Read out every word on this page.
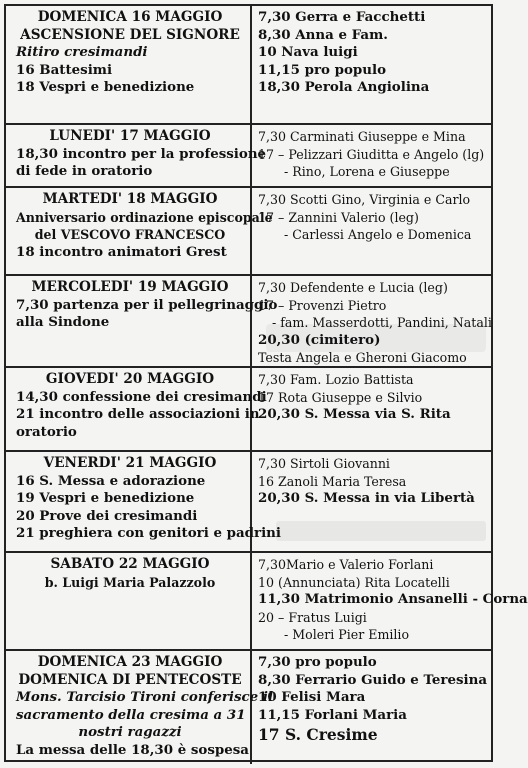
DOMENICA 16 MAGGIO
ASCENSIONE DEL SIGNORE
Ritiro cresimandi
16 Battesimi
18 Vespri e benedizione
7,30 Gerra e Facchetti
8,30 Anna e Fam.
10 Nava luigi
11,15 pro populo
18,30 Perola Angiolina
LUNEDI' 17 MAGGIO
18,30 incontro per la professione
di fede in oratorio
7,30 Carminati Giuseppe e Mina
17 – Pelizzari Giuditta e Angelo (lg)
- Rino, Lorena e Giuseppe
MARTEDI' 18 MAGGIO
Anniversario ordinazione episcopale
del VESCOVO FRANCESCO
18 incontro animatori Grest
7,30 Scotti Gino, Virginia e Carlo
17 – Zannini Valerio (leg)
- Carlessi Angelo e Domenica
MERCOLEDI' 19 MAGGIO
7,30 partenza per il pellegrinaggio
alla Sindone
7,30 Defendente e Lucia (leg)
17 – Provenzi Pietro
- fam. Masserdotti, Pandini, Natali
20,30 (cimitero)
Testa Angela e Gheroni Giacomo
GIOVEDI' 20 MAGGIO
14,30 confessione dei cresimandi
21 incontro delle associazioni in
oratorio
7,30 Fam. Lozio Battista
17 Rota Giuseppe e Silvio
20,30 S. Messa via S. Rita
VENERDI' 21 MAGGIO
16 S. Messa e adorazione
19 Vespri e benedizione
20 Prove dei cresimandi
21 preghiera con genitori e padrini
7,30 Sirtoli Giovanni
16 Zanoli Maria Teresa
20,30 S. Messa in via Libertà
SABATO 22 MAGGIO
b. Luigi Maria Palazzolo
7,30Mario e Valerio Forlani
10 (Annunciata) Rita Locatelli
11,30 Matrimonio Ansanelli - Corna
20 – Fratus Luigi
- Moleri Pier Emilio
DOMENICA 23 MAGGIO
DOMENICA DI PENTECOSTE
Mons. Tarcisio Tironi conferisce il
sacramento della cresima a 31
nostri ragazzi
La messa delle 18,30 è sospesa
7,30 pro populo
8,30 Ferrario Guido e Teresina
10 Felisi Mara
11,15 Forlani Maria
17 S. Cresime
